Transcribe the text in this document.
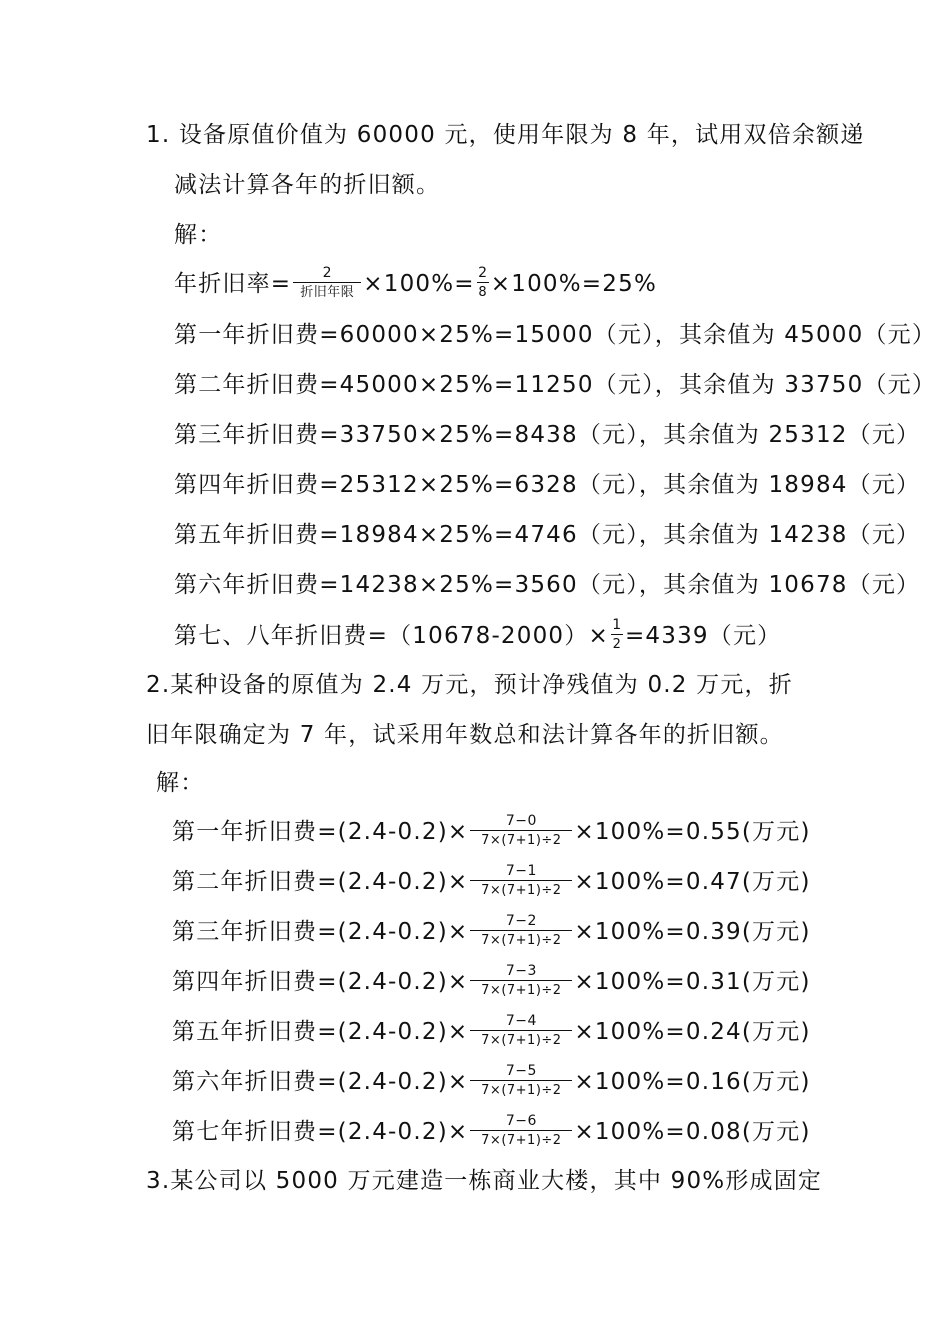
1. 设备原值价值为 60000 元，使用年限为 8 年，试用双倍余额递
减法计算各年的折旧额。
解：
年折旧率= $\frac{2}{\text{折旧年限}} \times 100\%= \frac{2}{8} \times 100\%=25\%$
第一年折旧费=60000×25%=15000（元），其余值为 45000（元）
第二年折旧费=45000×25%=11250（元），其余值为 33750（元）
第三年折旧费=33750×25%=8438（元），其余值为 25312（元）
第四年折旧费=25312×25%=6328（元），其余值为 18984（元）
第五年折旧费=18984×25%=4746（元），其余值为 14238（元）
第六年折旧费=14238×25%=3560（元），其余值为 10678（元）
第七、八年折旧费$=(10678-2000)\times \frac{1}{2} =4339$（元）
2.某种设备的原值为 2.4 万元，预计净残值为 0.2 万元，折
旧年限确定为 7 年，试采用年数总和法计算各年的折旧额。
解：
第一年折旧费$=(2.4-0.2)\times \frac{7-0}{7\times(7+1)\div 2} \times 100\%=0.55$(万元)
第二年折旧费$=(2.4-0.2)\times \frac{7-1}{7\times(7+1)\div 2} \times 100\%=0.47$(万元)
第三年折旧费$=(2.4-0.2)\times \frac{7-2}{7\times(7+1)\div 2} \times 100\%=0.39$(万元)
第四年折旧费$=(2.4-0.2)\times \frac{7-3}{7\times(7+1)\div 2} \times 100\%=0.31$(万元)
第五年折旧费$=(2.4-0.2)\times \frac{7-4}{7\times(7+1)\div 2} \times 100\%=0.24$(万元)
第六年折旧费$=(2.4-0.2)\times \frac{7-5}{7\times(7+1)\div 2} \times 100\%=0.16$(万元)
第七年折旧费$=(2.4-0.2)\times \frac{7-6}{7\times(7+1)\div 2} \times 100\%=0.08$(万元)
3.某公司以 5000 万元建造一栋商业大楼，其中 90%形成固定
